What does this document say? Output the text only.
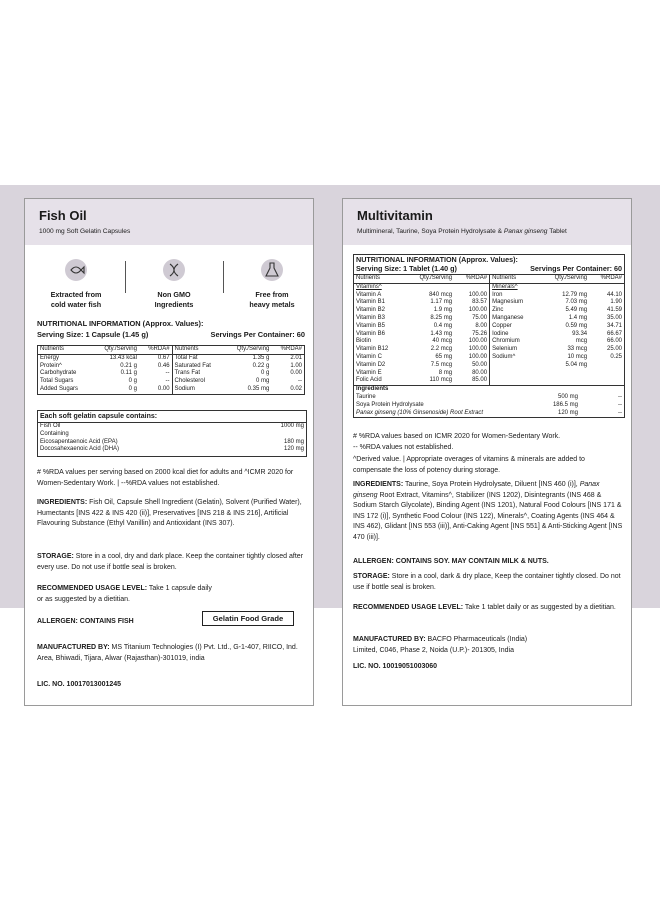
Fish Oil
1000 mg Soft Gelatin Capsules
Extracted from
cold water fish
Non GMO
Ingredients
Free from
heavy metals
NUTRITIONAL INFORMATION (Approx. Values):
Serving Size: 1 Capsule (1.45 g)	Servings Per Container: 60
Nutrients	Qty./Serving	%RDA#	Nutrients	Qty./Serving	%RDA#
Energy	13.43 kcal	0.67	Total Fat	1.35 g	2.01
Protein^	0.21 g	0.46	Saturated Fat	0.22 g	1.00
Carbohydrate	0.11 g	--	Trans Fat	0 g	0.00
Total Sugars	0 g	--	Cholesterol	0 mg	--
Added Sugars	0 g	0.00	Sodium	0.35 mg	0.02
Each soft gelatin capsule contains:
Fish Oil	1000 mg
Containing	
Eicosapentaenoic Acid (EPA)	180 mg
Docosahexaenoic Acid (DHA)	120 mg

# %RDA values per serving based on 2000 kcal diet for adults and ^ICMR 2020 for Women-Sedentary Work. | --%RDA values not established.

INGREDIENTS: Fish Oil, Capsule Shell Ingredient (Gelatin), Solvent (Purified Water), Humectants [INS 422 & INS 420 (ii)], Preservatives [INS 218 & INS 216], Artificial Flavouring Substance (Ethyl Vanillin) and Antioxidant (INS 307).

STORAGE: Store in a cool, dry and dark place. Keep the container tightly closed after every use. Do not use if bottle seal is broken.

RECOMMENDED USAGE LEVEL: Take 1 capsule daily or as suggested by a dietitian.

Gelatin Food Grade

ALLERGEN: CONTAINS FISH

MANUFACTURED BY: MS Titanium Technologies (I) Pvt. Ltd., G-1-407, RIICO, Ind. Area, Bhiwadi, Tijara, Alwar (Rajasthan)-301019, india

LIC. NO. 10017013001245

Multivitamin
Multimineral, Taurine, Soya Protein Hydrolysate & Panax ginseng Tablet
NUTRITIONAL INFORMATION (Approx. Values):
Serving Size: 1 Tablet (1.40 g)	Servings Per Container: 60
Nutrients	Qty./Serving	%RDA#	Nutrients	Qty./Serving	%RDA#
Vitamins^			Minerals^		
Vitamin A	840 mcg	100.00	Iron	12.79 mg	44.10
Vitamin B1	1.17 mg	83.57	Magnesium	7.03 mg	1.90
Vitamin B2	1.9 mg	100.00	Zinc	5.49 mg	41.59
Vitamin B3	8.25 mg	75.00	Manganese	1.4 mg	35.00
Vitamin B5	0.4 mg	8.00	Copper	0.59 mg	34.71
Vitamin B6	1.43 mg	75.26	Iodine	93.34	66.67
Biotin	40 mcg	100.00	Chromium	mcg	66.00
Vitamin B12	2.2 mcg	100.00	Selenium	33 mcg	25.00
Vitamin C	65 mg	100.00	Sodium^	10 mcg	0.25
Vitamin D2	7.5 mcg	50.00		5.04 mg	
Vitamin E	8 mg	80.00			
Folic Acid	110 mcg	85.00			
Ingredients		
Taurine	500 mg	--
Soya Protein Hydrolysate	186.5 mg	--
Panax ginseng (10% Ginsenoside) Root Extract	120 mg	--

# %RDA values based on ICMR 2020 for Women-Sedentary Work.

-- %RDA values not established.

^Derived value. | Appropriate overages of vitamins & minerals are added to compensate the loss of potency during storage.

INGREDIENTS: Taurine, Soya Protein Hydrolysate, Diluent [INS 460 (i)], Panax ginseng Root Extract, Vitamins^, Stabilizer (INS 1202), Disintegrants (INS 468 & Sodium Starch Glycolate), Binding Agent (INS 1201), Natural Food Colours [INS 171 & INS 172 (i)], Synthetic Food Colour (INS 122), Minerals^, Coating Agents (INS 464 & INS 462), Glidant [INS 553 (iii)], Anti-Caking Agent [INS 551] & Anti-Sticking Agent [INS 470 (iii)].

ALLERGEN: CONTAINS SOY. MAY CONTAIN MILK & NUTS.

STORAGE: Store in a cool, dark & dry place, Keep the container tightly closed. Do not use if bottle seal is broken.

RECOMMENDED USAGE LEVEL: Take 1 tablet daily or as suggested by a dietitian.

MANUFACTURED BY: BACFO Pharmaceuticals (India) Limited, C046, Phase 2, Noida (U.P.)- 201305, India

LIC. NO. 10019051003060
